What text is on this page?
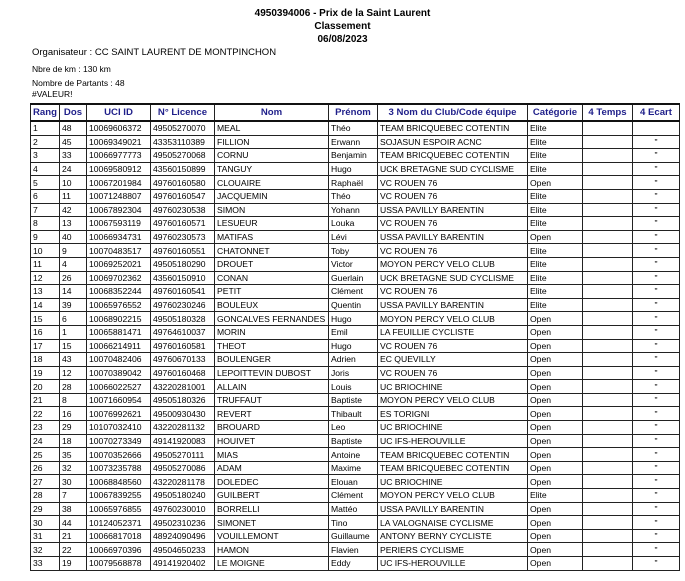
4950394006 - Prix de la Saint Laurent
Classement
06/08/2023
Organisateur : CC SAINT LAURENT DE MONTPINCHON
Nbre de km : 130 km
Nombre de Partants : 48
#VALEUR!
Rang	Dos	UCI ID	N° Licence	Nom	Prénom	3 Nom du Club/Code équipe	Catégorie	4 Temps	4 Ecart
1	48	10069606372	49505270070	MEAL	Théo	TEAM BRICQUEBEC COTENTIN	Elite		
2	45	10069349021	43353110389	FILLION	Erwann	SOJASUN ESPOIR ACNC	Elite		"
3	33	10066977773	49505270068	CORNU	Benjamin	TEAM BRICQUEBEC COTENTIN	Elite		"
4	24	10069580912	43560150899	TANGUY	Hugo	UCK BRETAGNE SUD CYCLISME	Elite		"
5	10	10067201984	49760160580	CLOUAIRE	Raphaël	VC ROUEN 76	Open		"
6	11	10071248807	49760160547	JACQUEMIN	Théo	VC ROUEN 76	Elite		"
7	42	10067892304	49760230538	SIMON	Yohann	USSA PAVILLY BARENTIN	Elite		"
8	13	10067593119	49760160571	LESUEUR	Louka	VC ROUEN 76	Elite		"
9	40	10066934731	49760230573	MATIFAS	Lévi	USSA PAVILLY BARENTIN	Open		"
10	9	10070483517	49760160551	CHATONNET	Toby	VC ROUEN 76	Elite		"
11	4	10069252021	49505180290	DROUET	Victor	MOYON PERCY VELO CLUB	Elite		"
12	26	10069702362	43560150910	CONAN	Guerlain	UCK BRETAGNE SUD CYCLISME	Elite		"
13	14	10068352244	49760160541	PETIT	Clément	VC ROUEN 76	Elite		"
14	39	10065976552	49760230246	BOULEUX	Quentin	USSA PAVILLY BARENTIN	Elite		"
15	6	10068902215	49505180328	GONCALVES FERNANDES	Hugo	MOYON PERCY VELO CLUB	Open		"
16	1	10065881471	49764610037	MORIN	Emil	LA FEUILLIE CYCLISTE	Open		"
17	15	10066214911	49760160581	THEOT	Hugo	VC ROUEN 76	Open		"
18	43	10070482406	49760670133	BOULENGER	Adrien	EC QUEVILLY	Open		"
19	12	10070389042	49760160468	LEPOITTEVIN DUBOST	Joris	VC ROUEN 76	Open		"
20	28	10066022527	43220281001	ALLAIN	Louis	UC BRIOCHINE	Open		"
21	8	10071660954	49505180326	TRUFFAUT	Baptiste	MOYON PERCY VELO CLUB	Open		"
22	16	10076992621	49500930430	REVERT	Thibault	ES TORIGNI	Open		"
23	29	10107032410	43220281132	BROUARD	Leo	UC BRIOCHINE	Open		"
24	18	10070273349	49141920083	HOUIVET	Baptiste	UC IFS-HEROUVILLE	Open		"
25	35	10070352666	49505270111	MIAS	Antoine	TEAM BRICQUEBEC COTENTIN	Open		"
26	32	10073235788	49505270086	ADAM	Maxime	TEAM BRICQUEBEC COTENTIN	Open		"
27	30	10068848560	43220281178	DOLEDEC	Elouan	UC BRIOCHINE	Open		"
28	7	10067839255	49505180240	GUILBERT	Clément	MOYON PERCY VELO CLUB	Elite		"
29	38	10065976855	49760230010	BORRELLI	Mattéo	USSA PAVILLY BARENTIN	Open		"
30	44	10124052371	49502310236	SIMONET	Tino	LA VALOGNAISE CYCLISME	Open		"
31	21	10066817018	48924090496	VOUILLEMONT	Guillaume	ANTONY BERNY CYCLISTE	Open		"
32	22	10066970396	49504650233	HAMON	Flavien	PERIERS CYCLISME	Open		"
33	19	10079568878	49141920402	LE MOIGNE	Eddy	UC IFS-HEROUVILLE	Open		"
